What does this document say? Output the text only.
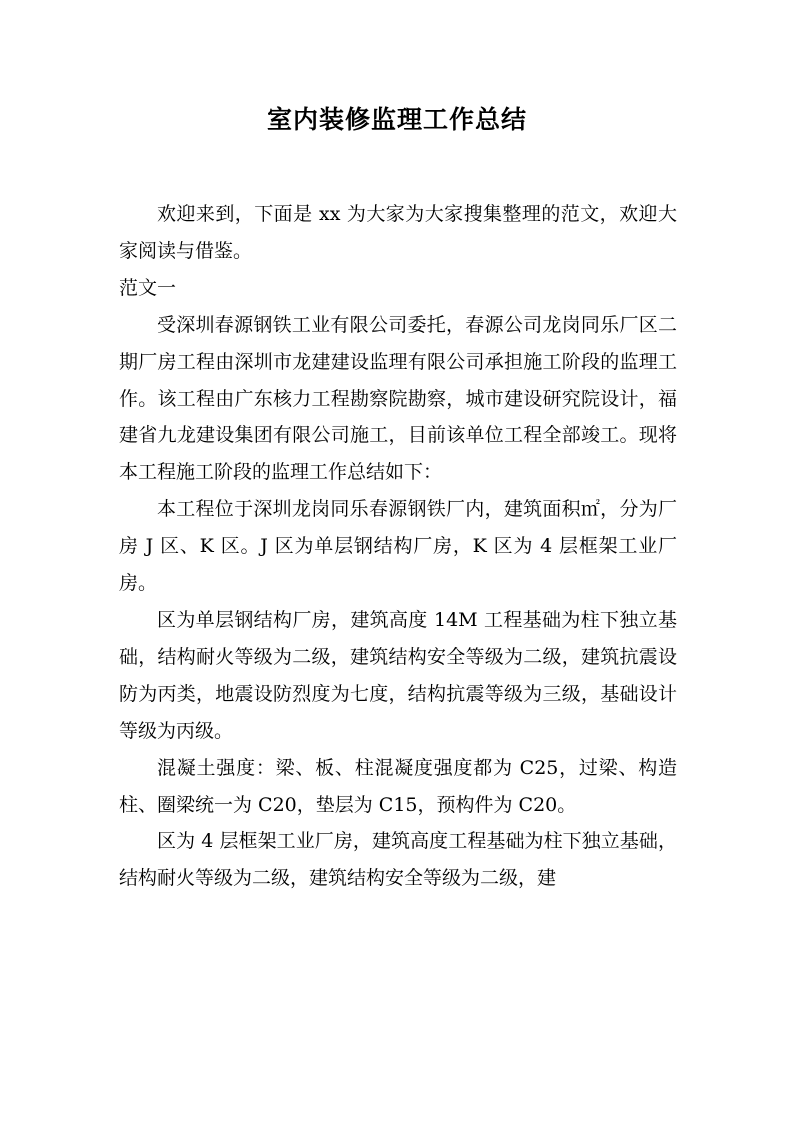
室内装修监理工作总结

欢迎来到，下面是 xx 为大家为大家搜集整理的范文，欢迎大家阅读与借鉴。

范文一

受深圳春源钢铁工业有限公司委托，春源公司龙岗同乐厂区二期厂房工程由深圳市龙建建设监理有限公司承担施工阶段的监理工作。该工程由广东核力工程勘察院勘察，城市建设研究院设计，福建省九龙建设集团有限公司施工，目前该单位工程全部竣工。现将本工程施工阶段的监理工作总结如下：

本工程位于深圳龙岗同乐春源钢铁厂内，建筑面积㎡，分为厂房 J 区、K 区。J 区为单层钢结构厂房，K 区为 4 层框架工业厂房。

区为单层钢结构厂房，建筑高度 14M 工程基础为柱下独立基础，结构耐火等级为二级，建筑结构安全等级为二级，建筑抗震设防为丙类，地震设防烈度为七度，结构抗震等级为三级，基础设计等级为丙级。

混凝土强度：梁、板、柱混凝度强度都为 C25，过梁、构造柱、圈梁统一为 C20，垫层为 C15，预构件为 C20。

区为 4 层框架工业厂房，建筑高度工程基础为柱下独立基础，结构耐火等级为二级，建筑结构安全等级为二级，建
